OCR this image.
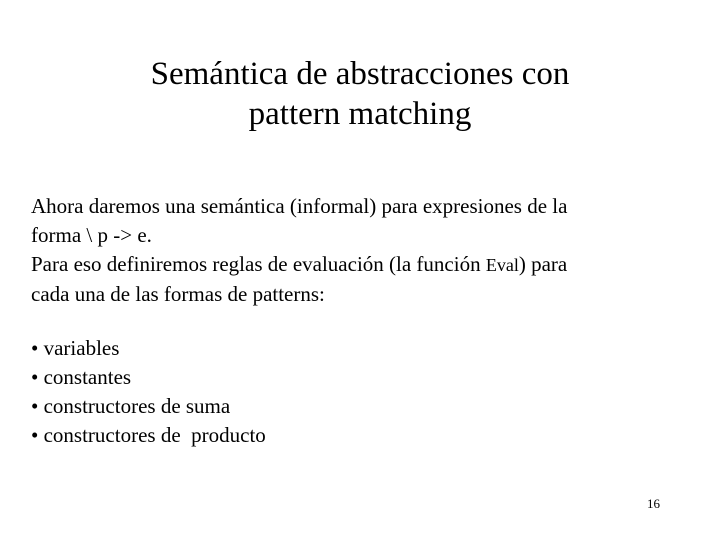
Semántica de abstracciones con
pattern matching

Ahora daremos una semántica (informal) para expresiones de la

forma \ p -> e.

Para eso definiremos reglas de evaluación (la función Eval) para

cada una de las formas de patterns:

• variables
• constantes
• constructores de suma
• constructores de  producto
16
